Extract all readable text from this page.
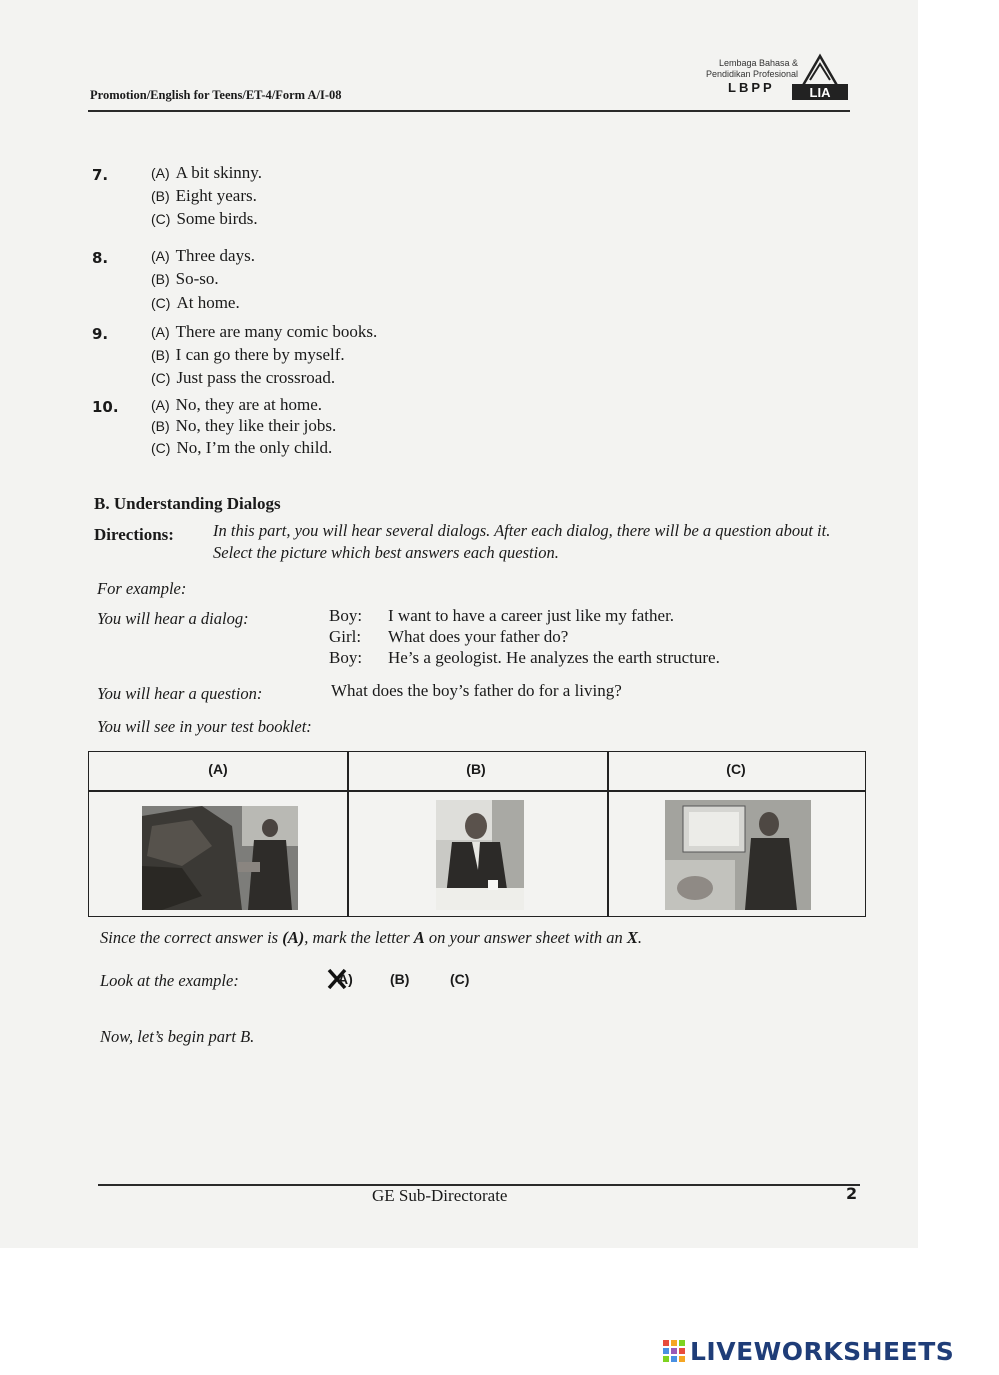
Promotion/English for Teens/ET-4/Form A/I-08
Lembaga Bahasa &
Pendidikan Profesional
LBPP	LIA
7.	(A) A bit skinny.
(B) Eight years.
(C) Some birds.
8.	(A) Three days.
(B) So-so.
(C) At home.
9.	(A) There are many comic books.
(B) I can go there by myself.
(C) Just pass the crossroad.
10. (A) No, they are at home.
(B) No, they like their jobs.
(C) No, I’m the only child.
B. Understanding Dialogs
Directions: In this part, you will hear several dialogs. After each dialog, there will be a question about it. Select the picture which best answers each question.
For example:
You will hear a dialog:	Boy: I want to have a career just like my father.
Girl: What does your father do?
Boy: He’s a geologist. He analyzes the earth structure.
You will hear a question:	What does the boy’s father do for a living?
You will see in your test booklet:
(A)	(B)	(C)
Since the correct answer is (A), mark the letter A on your answer sheet with an X.
Look at the example:	A)	(B)	(C)
Now, let’s begin part B.
GE Sub-Directorate	2
LIVEWORKSHEETS
